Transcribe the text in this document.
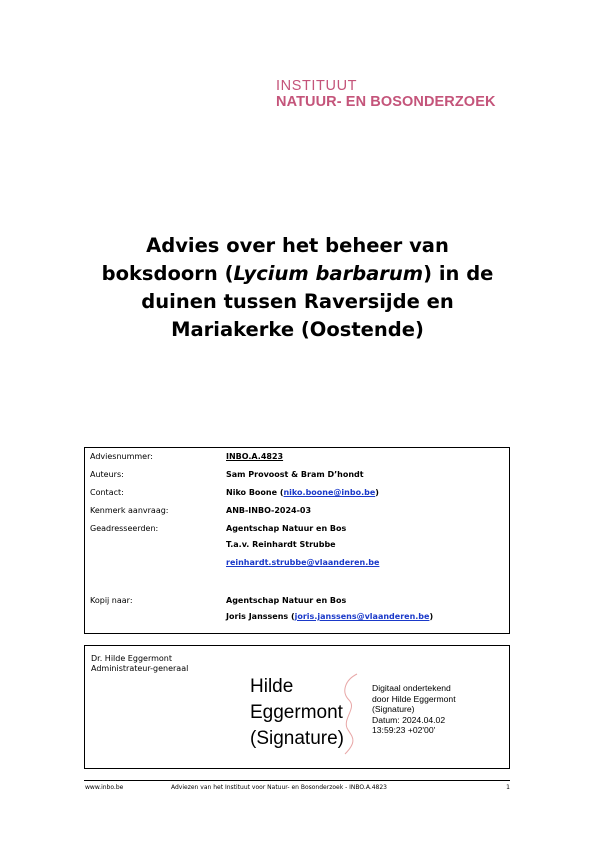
INSTITUUT
NATUUR- EN BOSONDERZOEK
Advies over het beheer van
boksdoorn (Lycium barbarum) in de
duinen tussen Raversijde en
Mariakerke (Oostende)
Adviesnummer:	INBO.A.4823
Auteurs:	Sam Provoost & Bram D’hondt
Contact:	Niko Boone (niko.boone@inbo.be)
Kenmerk aanvraag:	ANB-INBO-2024-03
Geadresseerden:	Agentschap Natuur en Bos
T.a.v. Reinhardt Strubbe
reinhardt.strubbe@vlaanderen.be
Kopij naar:	Agentschap Natuur en Bos
Joris Janssens (joris.janssens@vlaanderen.be)
Dr. Hilde Eggermont
Administrateur-generaal
Hilde
Eggermont
(Signature)
Digitaal ondertekend
door Hilde Eggermont
(Signature)
Datum: 2024.04.02
13:59:23 +02'00'
www.inbo.be	Adviezen van het Instituut voor Natuur- en Bosonderzoek - INBO.A.4823	1
